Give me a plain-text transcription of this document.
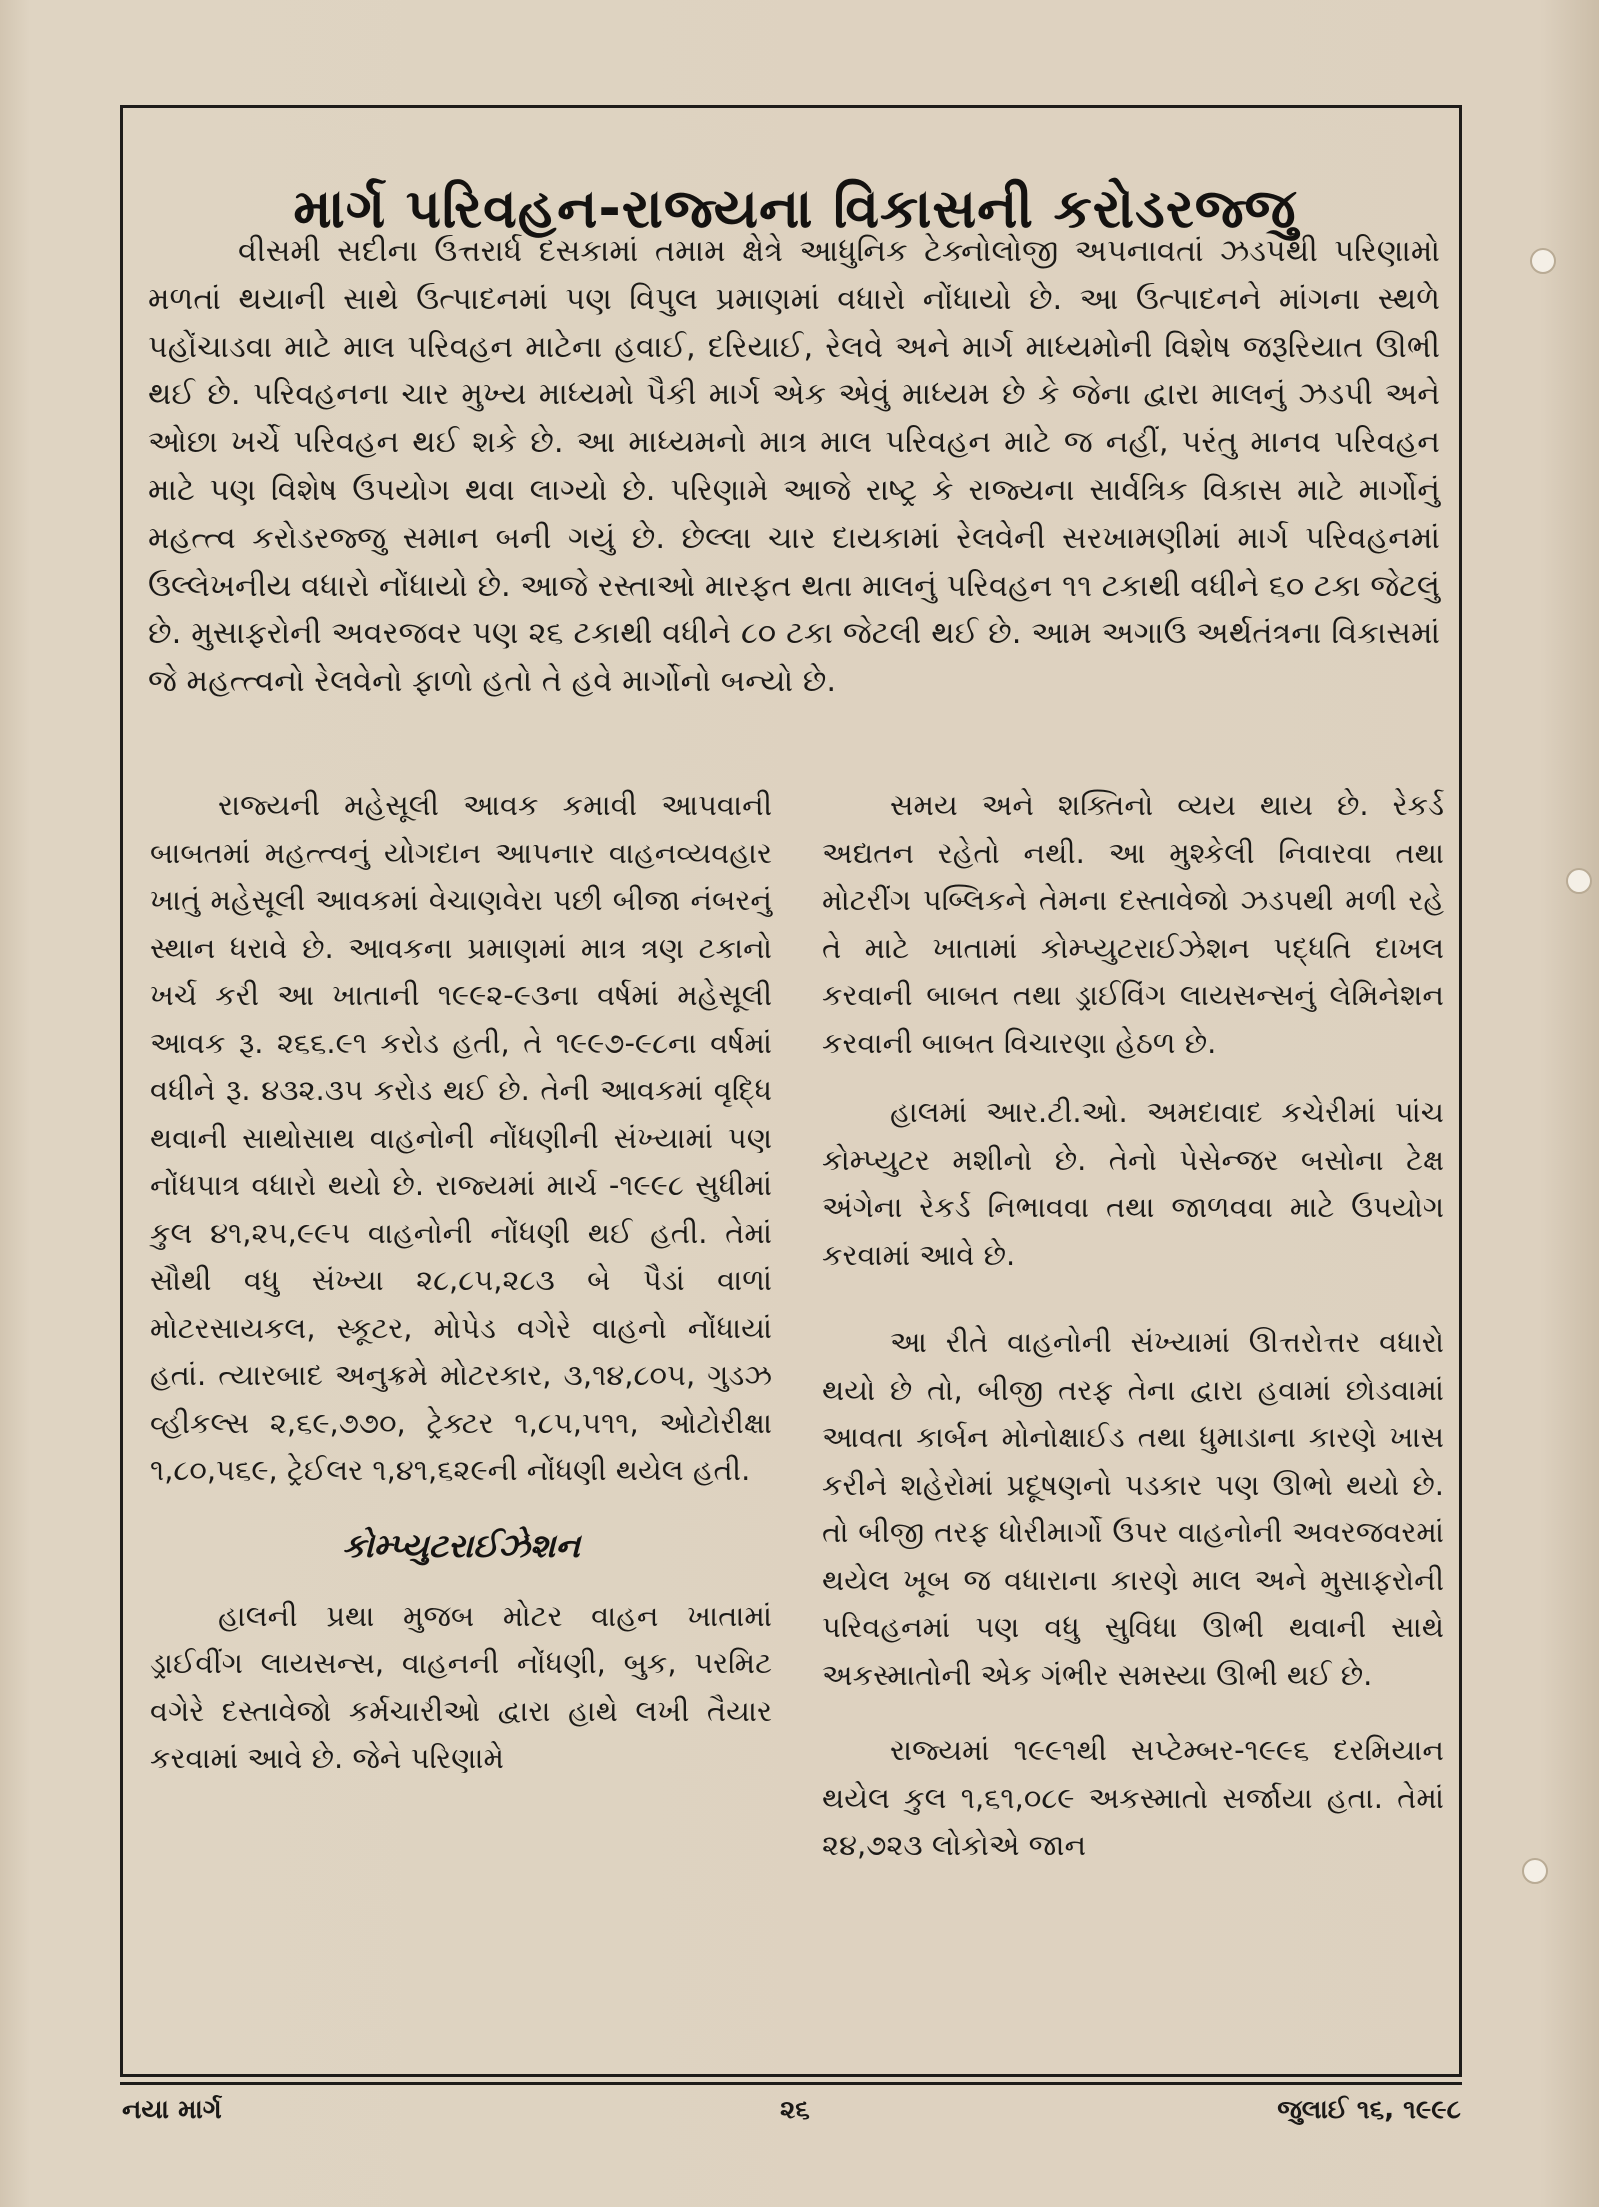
માર્ગ પરિવહન-રાજ્યના વિકાસની કરોડરજ્જુ

વીસમી સદીના ઉત્તરાર્ધ દસકામાં તમામ ક્ષેત્રે આધુનિક ટેક્નોલોજી અપનાવતાં ઝડપથી પરિણામો મળતાં થયાની સાથે ઉત્પાદનમાં પણ વિપુલ પ્રમાણમાં વધારો નોંધાયો છે. આ ઉત્પાદનને માંગના સ્થળે પહોંચાડવા માટે માલ પરિવહન માટેના હવાઈ, દરિયાઈ, રેલવે અને માર્ગ માધ્યમોની વિશેષ જરૂરિયાત ઊભી થઈ છે. પરિવહનના ચાર મુખ્ય માધ્યમો પૈકી માર્ગ એક એવું માધ્યમ છે કે જેના દ્વારા માલનું ઝડપી અને ઓછા ખર્ચે પરિવહન થઈ શકે છે. આ માધ્યમનો માત્ર માલ પરિવહન માટે જ નહીં, પરંતુ માનવ પરિવહન માટે પણ વિશેષ ઉપયોગ થવા લાગ્યો છે. પરિણામે આજે રાષ્ટ્ર કે રાજ્યના સાર્વત્રિક વિકાસ માટે માર્ગોનું મહત્ત્વ કરોડરજ્જુ સમાન બની ગયું છે. છેલ્લા ચાર દાયકામાં રેલવેની સરખામણીમાં માર્ગ પરિવહનમાં ઉલ્લેખનીય વધારો નોંધાયો છે. આજે રસ્તાઓ મારફત થતા માલનું પરિવહન ૧૧ ટકાથી વધીને ૬૦ ટકા જેટલું છે. મુસાફરોની અવરજવર પણ ૨૬ ટકાથી વધીને ૮૦ ટકા જેટલી થઈ છે. આમ અગાઉ અર્થતંત્રના વિકાસમાં જે મહત્ત્વનો રેલવેનો ફાળો હતો તે હવે માર્ગોનો બન્યો છે.

રાજ્યની મહેસૂલી આવક કમાવી આપવાની બાબતમાં મહત્ત્વનું યોગદાન આપનાર વાહનવ્યવહાર ખાતું મહેસૂલી આવકમાં વેચાણવેરા પછી બીજા નંબરનું સ્થાન ધરાવે છે. આવકના પ્રમાણમાં માત્ર ત્રણ ટકાનો ખર્ચ કરી આ ખાતાની ૧૯૯૨-૯૩ના વર્ષમાં મહેસૂલી આવક રૂ. ૨૬૬.૯૧ કરોડ હતી, તે ૧૯૯૭-૯૮ના વર્ષમાં વધીને રૂ. ૪૩૨.૩૫ કરોડ થઈ છે. તેની આવકમાં વૃદ્ધિ થવાની સાથોસાથ વાહનોની નોંધણીની સંખ્યામાં પણ નોંધપાત્ર વધારો થયો છે. રાજ્યમાં માર્ચ -૧૯૯૮ સુધીમાં કુલ ૪૧,૨૫,૯૯૫ વાહનોની નોંધણી થઈ હતી. તેમાં સૌથી વધુ સંખ્યા ૨૮,૮૫,૨૮૩ બે પૈડાં વાળાં મોટરસાયકલ, સ્કૂટર, મોપેડ વગેરે વાહનો નોંધાયાં હતાં. ત્યારબાદ અનુક્રમે મોટરકાર, ૩,૧૪,૮૦૫, ગુડઝ વ્હીકલ્સ ૨,૬૯,૭૭૦, ટ્રેક્ટર ૧,૮૫,૫૧૧, ઓટોરીક્ષા ૧,૮૦,૫૬૯, ટ્રેઈલર ૧,૪૧,૬૨૯ની નોંધણી થયેલ હતી.

કોમ્પ્યુટરાઈઝેશન

હાલની પ્રથા મુજબ મોટર વાહન ખાતામાં ડ્રાઈવીંગ લાયસન્સ, વાહનની નોંધણી, બુક, પરમિટ વગેરે દસ્તાવેજો કર્મચારીઓ દ્વારા હાથે લખી તૈયાર કરવામાં આવે છે. જેને પરિણામે

સમય અને શક્તિનો વ્યય થાય છે. રેકર્ડ અદ્યતન રહેતો નથી. આ મુશ્કેલી નિવારવા તથા મોટરીંગ પબ્લિકને તેમના દસ્તાવેજો ઝડપથી મળી રહે તે માટે ખાતામાં કોમ્પ્યુટરાઈઝેશન પદ્ધતિ દાખલ કરવાની બાબત તથા ડ્રાઈવિંગ લાયસન્સનું લેમિનેશન કરવાની બાબત વિચારણા હેઠળ છે.

હાલમાં આર.ટી.ઓ. અમદાવાદ કચેરીમાં પાંચ કોમ્પ્યુટર મશીનો છે. તેનો પેસેન્જર બસોના ટેક્ષ અંગેના રેકર્ડ નિભાવવા તથા જાળવવા માટે ઉપયોગ કરવામાં આવે છે.

આ રીતે વાહનોની સંખ્યામાં ઊત્તરોત્તર વધારો થયો છે તો, બીજી તરફ તેના દ્વારા હવામાં છોડવામાં આવતા કાર્બન મોનોક્ષાઈડ તથા ધુમાડાના કારણે ખાસ કરીને શહેરોમાં પ્રદૂષણનો પડકાર પણ ઊભો થયો છે. તો બીજી તરફ ધોરીમાર્ગો ઉપર વાહનોની અવરજવરમાં થયેલ ખૂબ જ વધારાના કારણે માલ અને મુસાફરોની પરિવહનમાં પણ વધુ સુવિધા ઊભી થવાની સાથે અકસ્માતોની એક ગંભીર સમસ્યા ઊભી થઈ છે.

રાજ્યમાં ૧૯૯૧થી સપ્ટેમ્બર-૧૯૯૬ દરમિયાન થયેલ કુલ ૧,૬૧,૦૮૯ અકસ્માતો સર્જાયા હતા. તેમાં ૨૪,૭૨૩ લોકોએ જાન

નયા માર્ગ	૨૬	જુલાઈ ૧૬, ૧૯૯૮
